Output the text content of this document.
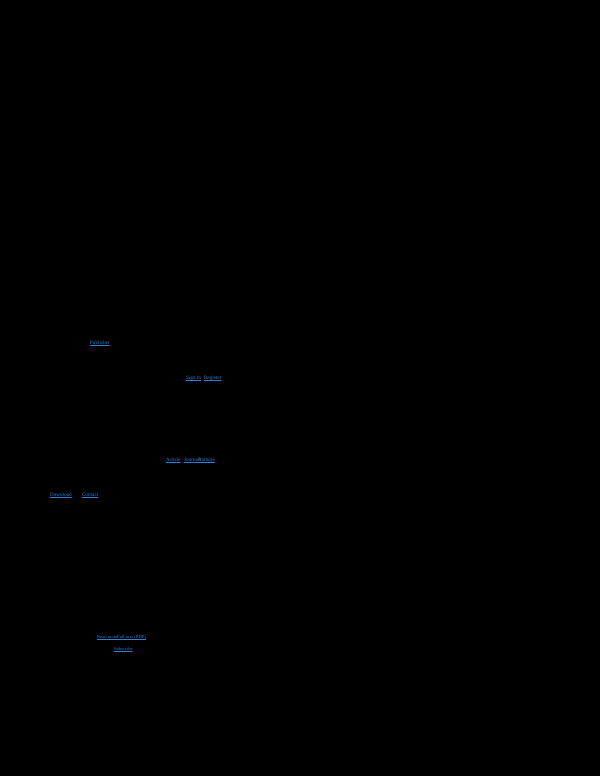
Publisher
Sign in Register
Article Journals
Authors
Download Contact
Read more Full text (PDF)
Subscribe
